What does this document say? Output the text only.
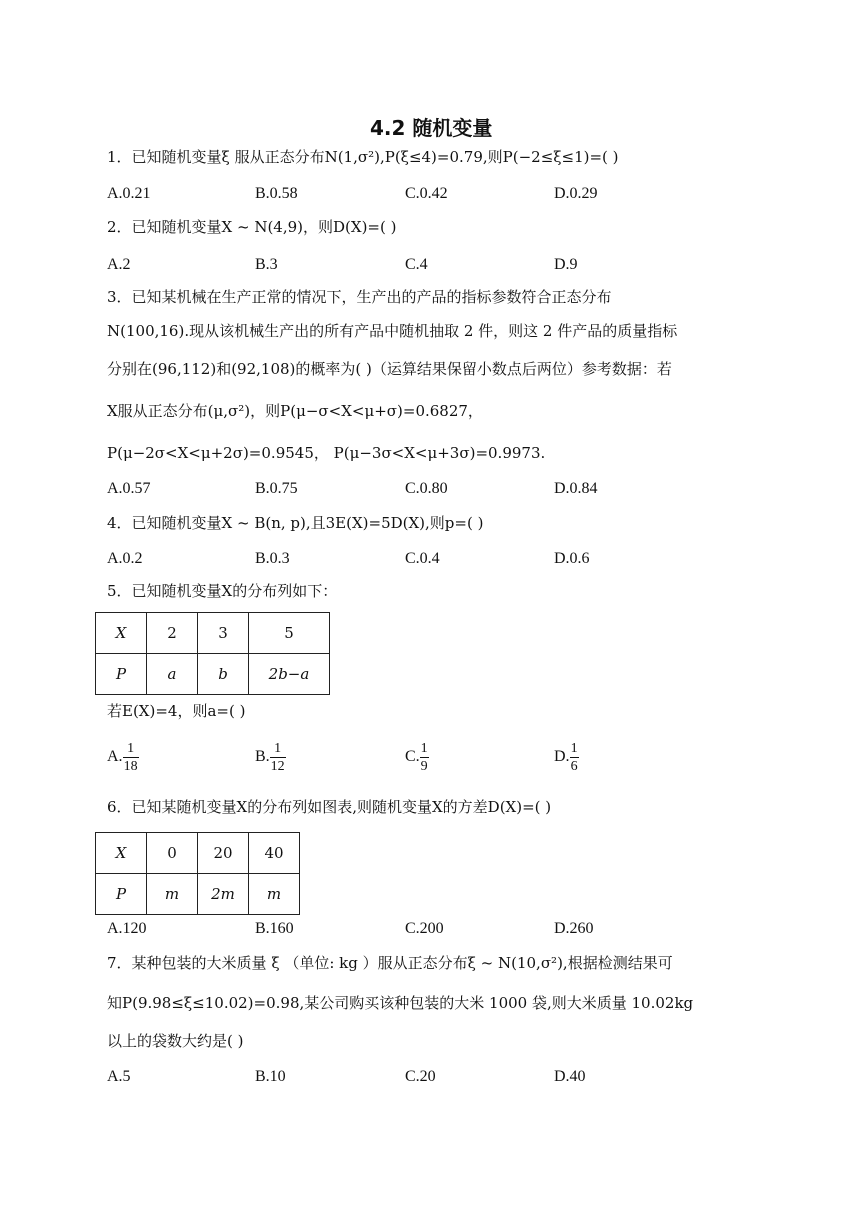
4.2 随机变量
1．已知随机变量ξ 服从正态分布N(1,σ²),P(ξ≤4)=0.79,则P(−2≤ξ≤1)=( )
A.0.21	B.0.58	C.0.42	D.0.29
2．已知随机变量X ~ N(4,9)，则D(X)=( )
A.2	B.3	C.4	D.9
3．已知某机械在生产正常的情况下，生产出的产品的指标参数符合正态分布
N(100,16).现从该机械生产出的所有产品中随机抽取 2 件，则这 2 件产品的质量指标
分别在(96,112)和(92,108)的概率为( )（运算结果保留小数点后两位）参考数据：若
X服从正态分布(μ,σ²)，则P(μ−σ<X<μ+σ)=0.6827，
P(μ−2σ<X<μ+2σ)=0.9545， P(μ−3σ<X<μ+3σ)=0.9973.
A.0.57	B.0.75	C.0.80	D.0.84
4．已知随机变量X ~ B(n, p),且3E(X)=5D(X),则p=( )
A.0.2	B.0.3	C.0.4	D.0.6
5．已知随机变量X的分布列如下：
X	2	3	5
P	a	b	2b−a
若E(X)=4，则a=( )
A. $\frac{1}{18}$	B. $\frac{1}{12}$	C. $\frac{1}{9}$	D. $\frac{1}{6}$
6．已知某随机变量X的分布列如图表,则随机变量X的方差D(X)=( )
X	0	20	40
P	m	2m	m
A.120	B.160	C.200	D.260
7．某种包装的大米质量 ξ （单位: kg ）服从正态分布ξ ~ N(10,σ²),根据检测结果可
知P(9.98≤ξ≤10.02)=0.98,某公司购买该种包装的大米 1000 袋,则大米质量 10.02kg
以上的袋数大约是( )
A.5	B.10	C.20	D.40
